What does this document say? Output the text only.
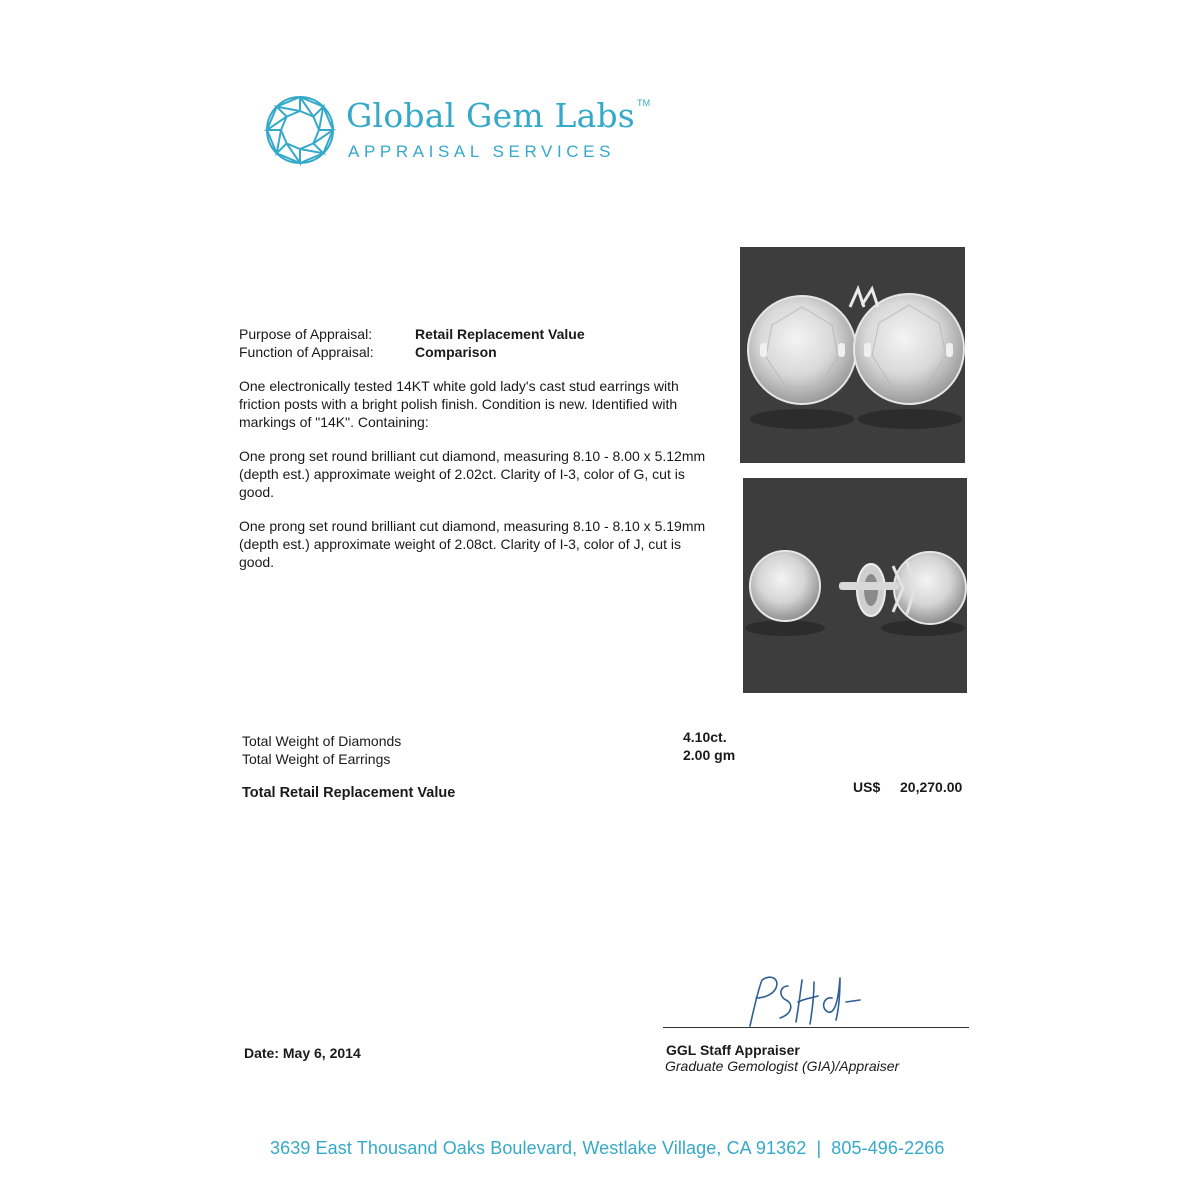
Global Gem Labs ™
APPRAISAL SERVICES
Purpose of Appraisal:	Retail Replacement Value
Function of Appraisal:	Comparison
One electronically tested 14KT white gold lady's cast stud earrings with friction posts with a bright polish finish. Condition is new. Identified with markings of "14K". Containing:
One prong set round brilliant cut diamond, measuring 8.10 - 8.00 x 5.12mm (depth est.) approximate weight of 2.02ct. Clarity of I-3, color of G, cut is good.
One prong set round brilliant cut diamond, measuring 8.10 - 8.10 x 5.19mm (depth est.) approximate weight of 2.08ct. Clarity of I-3, color of J, cut is good.
Total Weight of Diamonds	4.10ct.
Total Weight of Earrings	2.00 gm
Total Retail Replacement Value	US$ 20,270.00
GGL Staff Appraiser
Graduate Gemologist (GIA)/Appraiser
Date: May 6, 2014
3639 East Thousand Oaks Boulevard, Westlake Village, CA 91362 | 805-496-2266
